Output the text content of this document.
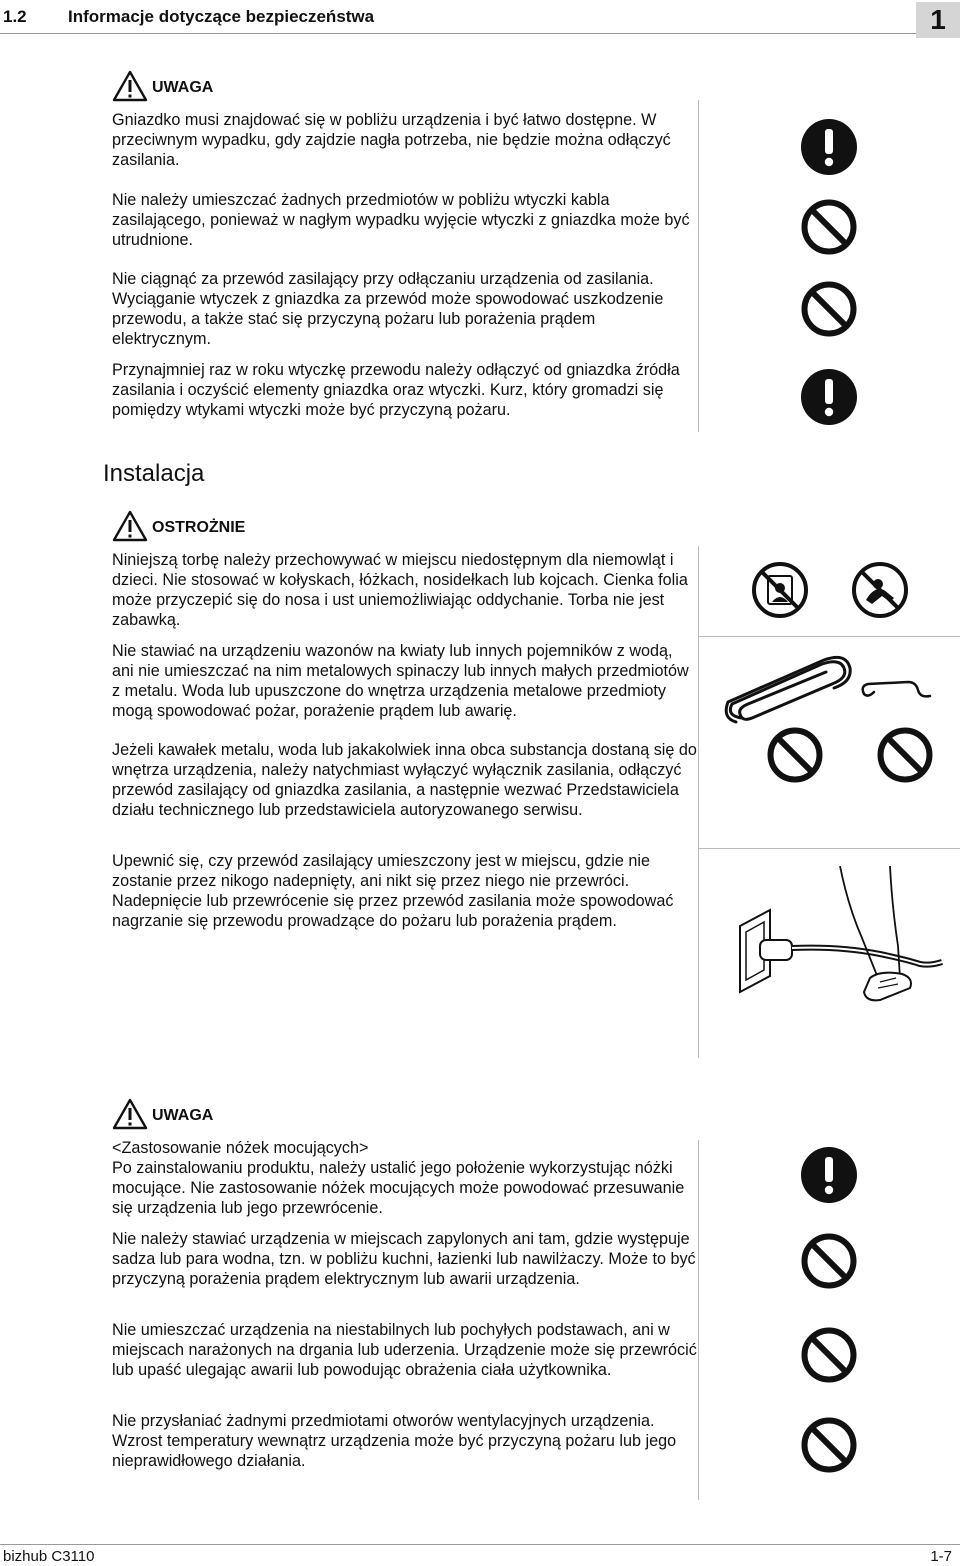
1.2 Informacje dotyczące bezpieczeństwa	1
UWAGA

Gniazdko musi znajdować się w pobliżu urządzenia i być łatwo dostępne. W przeciwnym wypadku, gdy zajdzie nagła potrzeba, nie będzie można odłączyć zasilania.

Nie należy umieszczać żadnych przedmiotów w pobliżu wtyczki kabla zasilającego, ponieważ w nagłym wypadku wyjęcie wtyczki z gniazdka może być utrudnione.

Nie ciągnąć za przewód zasilający przy odłączaniu urządzenia od zasilania. Wyciąganie wtyczek z gniazdka za przewód może spowodować uszkodzenie przewodu, a także stać się przyczyną pożaru lub porażenia prądem elektrycznym.

Przynajmniej raz w roku wtyczkę przewodu należy odłączyć od gniazdka źródła zasilania i oczyścić elementy gniazdka oraz wtyczki. Kurz, który gromadzi się pomiędzy wtykami wtyczki może być przyczyną pożaru.

Instalacja
OSTROŻNIE

Niniejszą torbę należy przechowywać w miejscu niedostępnym dla niemowląt i dzieci. Nie stosować w kołyskach, łóżkach, nosidełkach lub kojcach. Cienka folia może przyczepić się do nosa i ust uniemożliwiając oddychanie. Torba nie jest zabawką.

Nie stawiać na urządzeniu wazonów na kwiaty lub innych pojemników z wodą, ani nie umieszczać na nim metalowych spinaczy lub innych małych przedmiotów z metalu. Woda lub upuszczone do wnętrza urządzenia metalowe przedmioty mogą spowodować pożar, porażenie prądem lub awarię.

Jeżeli kawałek metalu, woda lub jakakolwiek inna obca substancja dostaną się do wnętrza urządzenia, należy natychmiast wyłączyć wyłącznik zasilania, odłączyć przewód zasilający od gniazdka zasilania, a następnie wezwać Przedstawiciela działu technicznego lub przedstawiciela autoryzowanego serwisu.

Upewnić się, czy przewód zasilający umieszczony jest w miejscu, gdzie nie zostanie przez nikogo nadepnięty, ani nikt się przez niego nie przewróci. Nadepnięcie lub przewrócenie się przez przewód zasilania może spowodować nagrzanie się przewodu prowadzące do pożaru lub porażenia prądem.

UWAGA

<Zastosowanie nóżek mocujących>

Po zainstalowaniu produktu, należy ustalić jego położenie wykorzystując nóżki mocujące. Nie zastosowanie nóżek mocujących może powodować przesuwanie się urządzenia lub jego przewrócenie.

Nie należy stawiać urządzenia w miejscach zapylonych ani tam, gdzie występuje sadza lub para wodna, tzn. w pobliżu kuchni, łazienki lub nawilżaczy. Może to być przyczyną porażenia prądem elektrycznym lub awarii urządzenia.

Nie umieszczać urządzenia na niestabilnych lub pochyłych podstawach, ani w miejscach narażonych na drgania lub uderzenia. Urządzenie może się przewrócić lub upaść ulegając awarii lub powodując obrażenia ciała użytkownika.

Nie przysłaniać żadnymi przedmiotami otworów wentylacyjnych urządzenia. Wzrost temperatury wewnątrz urządzenia może być przyczyną pożaru lub jego nieprawidłowego działania.

bizhub C3110	1-7
